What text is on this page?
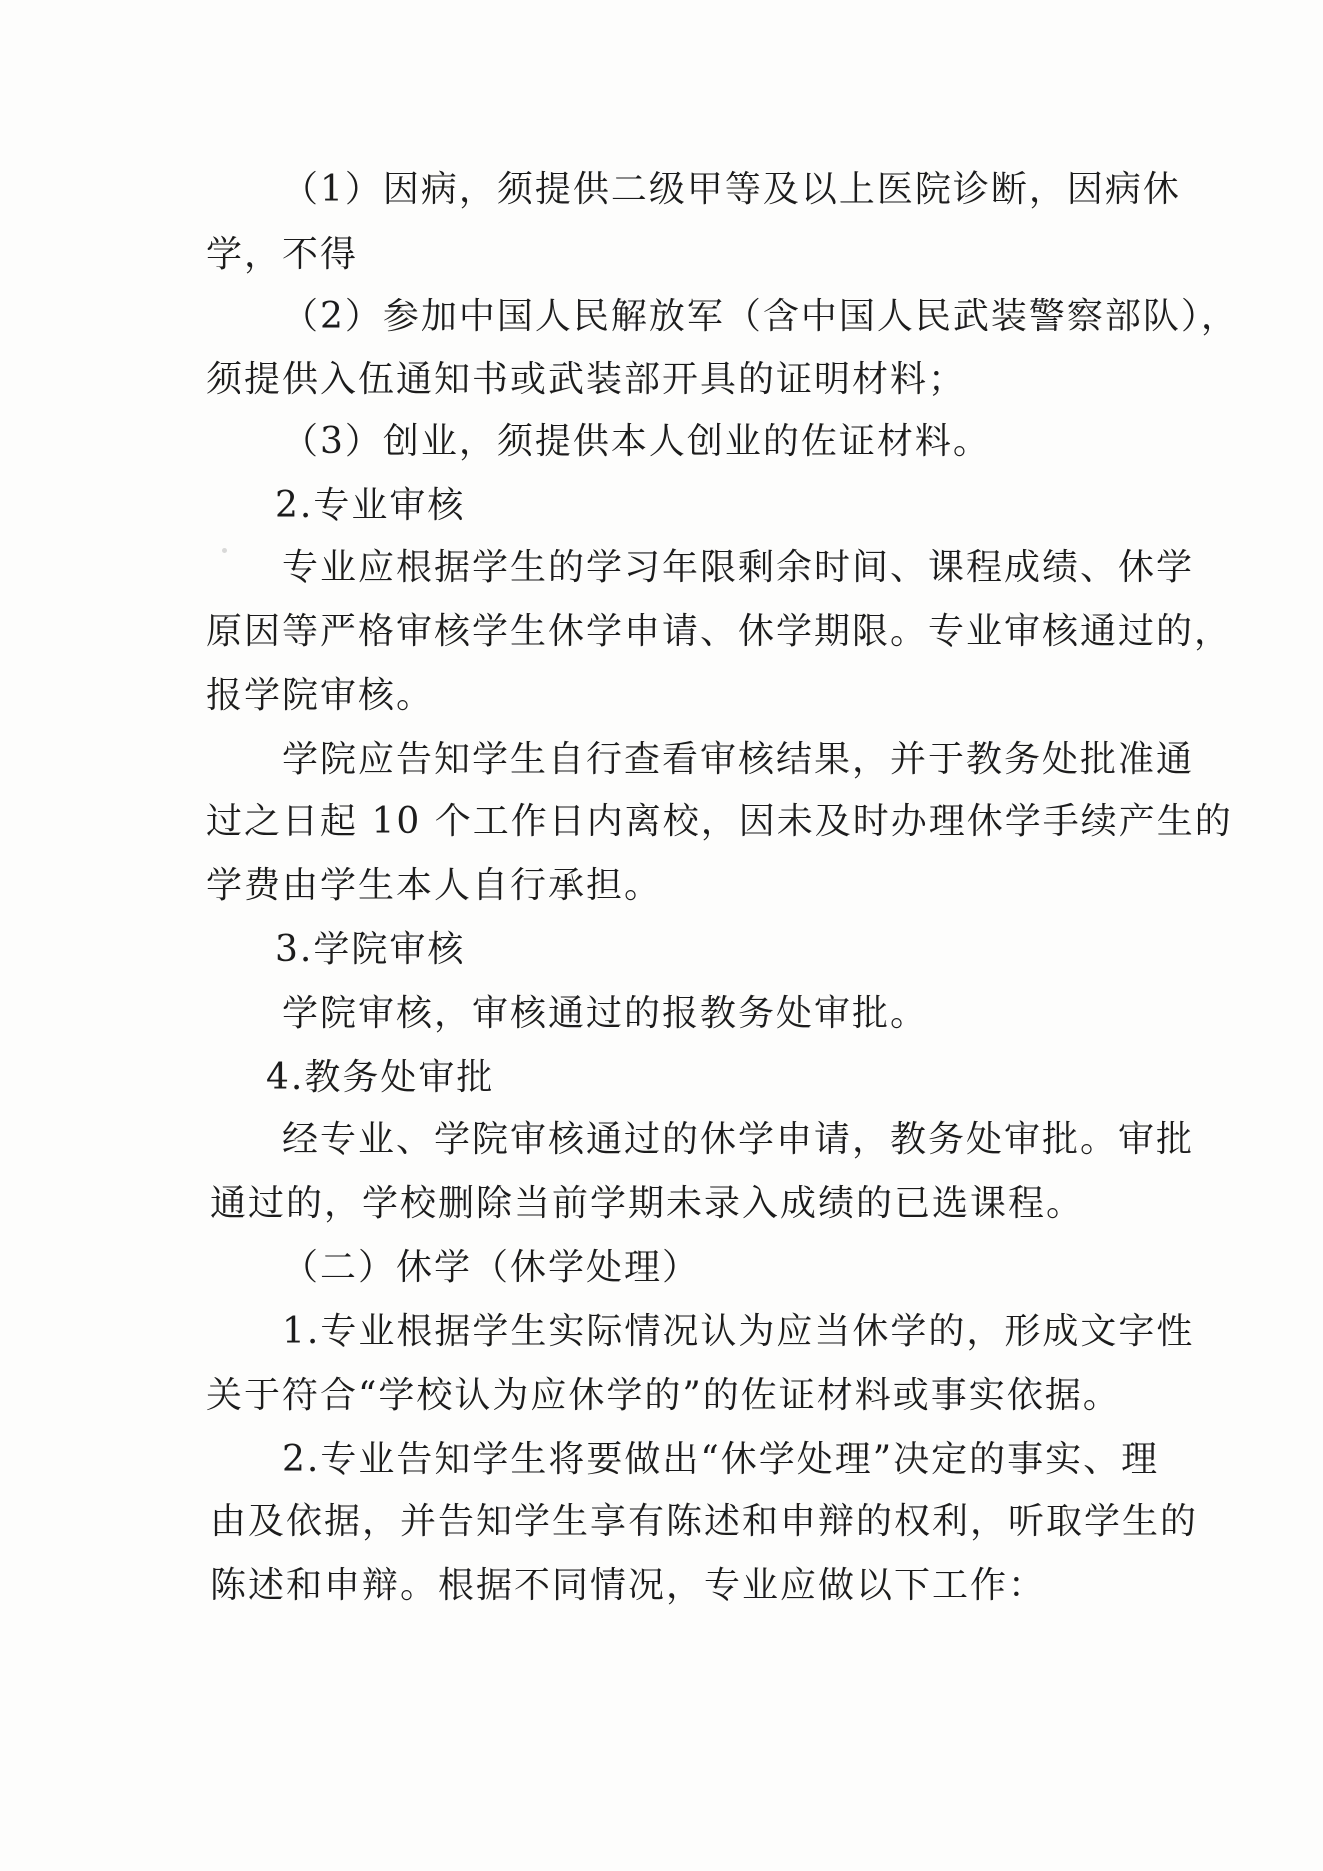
（1）因病，须提供二级甲等及以上医院诊断，因病休
学，不得
（2）参加中国人民解放军（含中国人民武装警察部队），
须提供入伍通知书或武装部开具的证明材料；
（3）创业，须提供本人创业的佐证材料。
2.专业审核
专业应根据学生的学习年限剩余时间、课程成绩、休学
原因等严格审核学生休学申请、休学期限。专业审核通过的，
报学院审核。
学院应告知学生自行查看审核结果，并于教务处批准通
过之日起 10 个工作日内离校，因未及时办理休学手续产生的
学费由学生本人自行承担。
3.学院审核
学院审核，审核通过的报教务处审批。
4.教务处审批
经专业、学院审核通过的休学申请，教务处审批。审批
通过的，学校删除当前学期未录入成绩的已选课程。
（二）休学（休学处理）
1.专业根据学生实际情况认为应当休学的，形成文字性
关于符合“学校认为应休学的”的佐证材料或事实依据。
2.专业告知学生将要做出“休学处理”决定的事实、理
由及依据，并告知学生享有陈述和申辩的权利，听取学生的
陈述和申辩。根据不同情况，专业应做以下工作：
